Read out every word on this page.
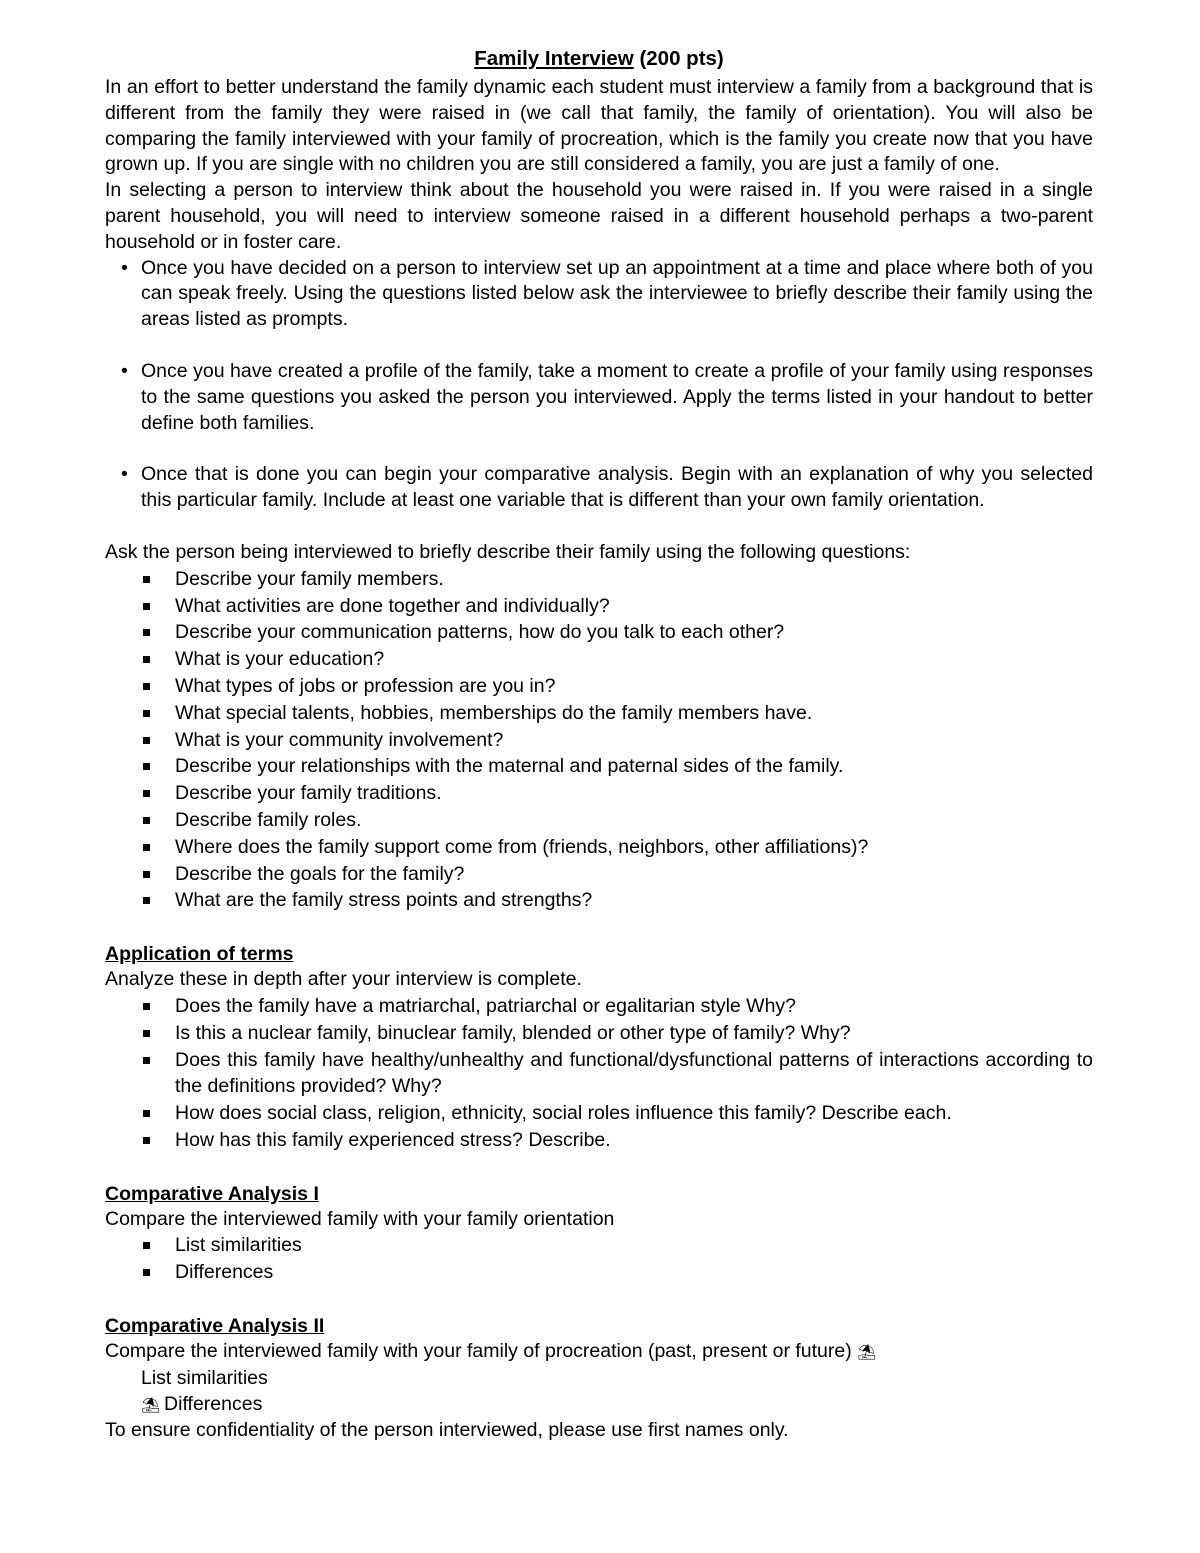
Family Interview (200 pts)

In an effort to better understand the family dynamic each student must interview a family from a background that is different from the family they were raised in (we call that family, the family of orientation). You will also be comparing the family interviewed with your family of procreation, which is the family you create now that you have grown up. If you are single with no children you are still considered a family, you are just a family of one.

In selecting a person to interview think about the household you were raised in. If you were raised in a single parent household, you will need to interview someone raised in a different household perhaps a two-parent household or in foster care.

• Once you have decided on a person to interview set up an appointment at a time and place where both of you can speak freely. Using the questions listed below ask the interviewee to briefly describe their family using the areas listed as prompts.
• Once you have created a profile of the family, take a moment to create a profile of your family using responses to the same questions you asked the person you interviewed. Apply the terms listed in your handout to better define both families.
• Once that is done you can begin your comparative analysis. Begin with an explanation of why you selected this particular family. Include at least one variable that is different than your own family orientation.

Ask the person being interviewed to briefly describe their family using the following questions:

Describe your family members.
What activities are done together and individually?
Describe your communication patterns, how do you talk to each other?
What is your education?
What types of jobs or profession are you in?
What special talents, hobbies, memberships do the family members have.
What is your community involvement?
Describe your relationships with the maternal and paternal sides of the family.
Describe your family traditions.
Describe family roles.
Where does the family support come from (friends, neighbors, other affiliations)?
Describe the goals for the family?
What are the family stress points and strengths?
Application of terms

Analyze these in depth after your interview is complete.

Does the family have a matriarchal, patriarchal or egalitarian style Why?
Is this a nuclear family, binuclear family, blended or other type of family? Why?
Does this family have healthy/unhealthy and functional/dysfunctional patterns of interactions according to the definitions provided? Why?
How does social class, religion, ethnicity, social roles influence this family? Describe each.
How has this family experienced stress? Describe.
Comparative Analysis I

Compare the interviewed family with your family orientation

List similarities
Differences
Comparative Analysis II

Compare the interviewed family with your family of procreation (past, present or future) ⛱

List similarities

⛱ Differences

To ensure confidentiality of the person interviewed, please use first names only.
